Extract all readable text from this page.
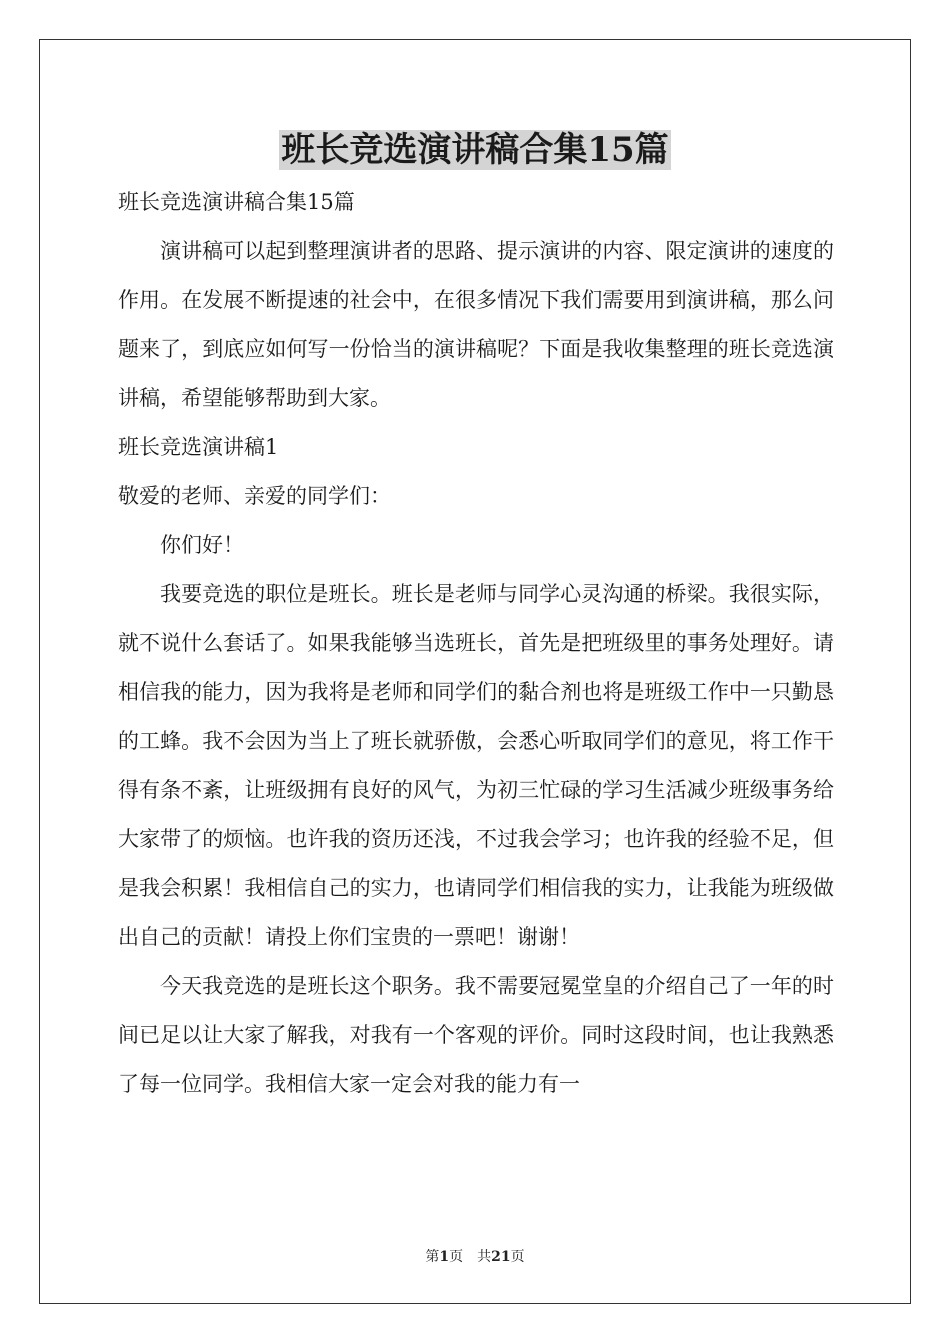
班长竞选演讲稿合集15篇

班长竞选演讲稿合集15篇

演讲稿可以起到整理演讲者的思路、提示演讲的内容、限定演讲的速度的作用。在发展不断提速的社会中，在很多情况下我们需要用到演讲稿，那么问题来了，到底应如何写一份恰当的演讲稿呢？下面是我收集整理的班长竞选演讲稿，希望能够帮助到大家。

班长竞选演讲稿1

敬爱的老师、亲爱的同学们：

你们好！

我要竞选的职位是班长。班长是老师与同学心灵沟通的桥梁。我很实际，就不说什么套话了。如果我能够当选班长，首先是把班级里的事务处理好。请相信我的能力，因为我将是老师和同学们的黏合剂也将是班级工作中一只勤恳的工蜂。我不会因为当上了班长就骄傲，会悉心听取同学们的意见，将工作干得有条不紊，让班级拥有良好的风气，为初三忙碌的学习生活减少班级事务给大家带了的烦恼。也许我的资历还浅，不过我会学习；也许我的经验不足，但是我会积累！我相信自己的实力，也请同学们相信我的实力，让我能为班级做出自己的贡献！请投上你们宝贵的一票吧！谢谢！

今天我竞选的是班长这个职务。我不需要冠冕堂皇的介绍自己了一年的时间已足以让大家了解我，对我有一个客观的评价。同时这段时间，也让我熟悉了每一位同学。我相信大家一定会对我的能力有一

第1页　共21页
